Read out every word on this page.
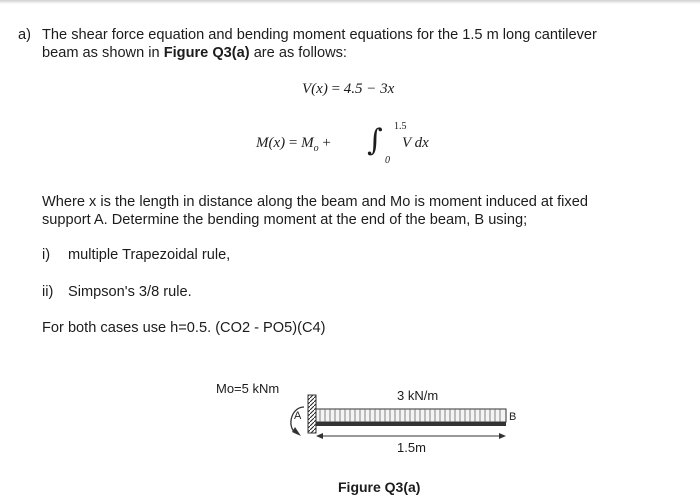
a) The shear force equation and bending moment equations for the 1.5 m long cantilever
beam as shown in Figure Q3(a) are as follows:
V(x) = 4.5 − 3x
$M(x) = M_o$ + ∫ 1.5
0
V dx
Where x is the length in distance along the beam and Mo is moment induced at fixed
support A. Determine the bending moment at the end of the beam, B using;
i) multiple Trapezoidal rule,
ii) Simpson's 3/8 rule.
For both cases use h=0.5. (CO2 - PO5)(C4)
Mo=5 kNm	3 kN/m
A	B
1.5m
Figure Q3(a)
